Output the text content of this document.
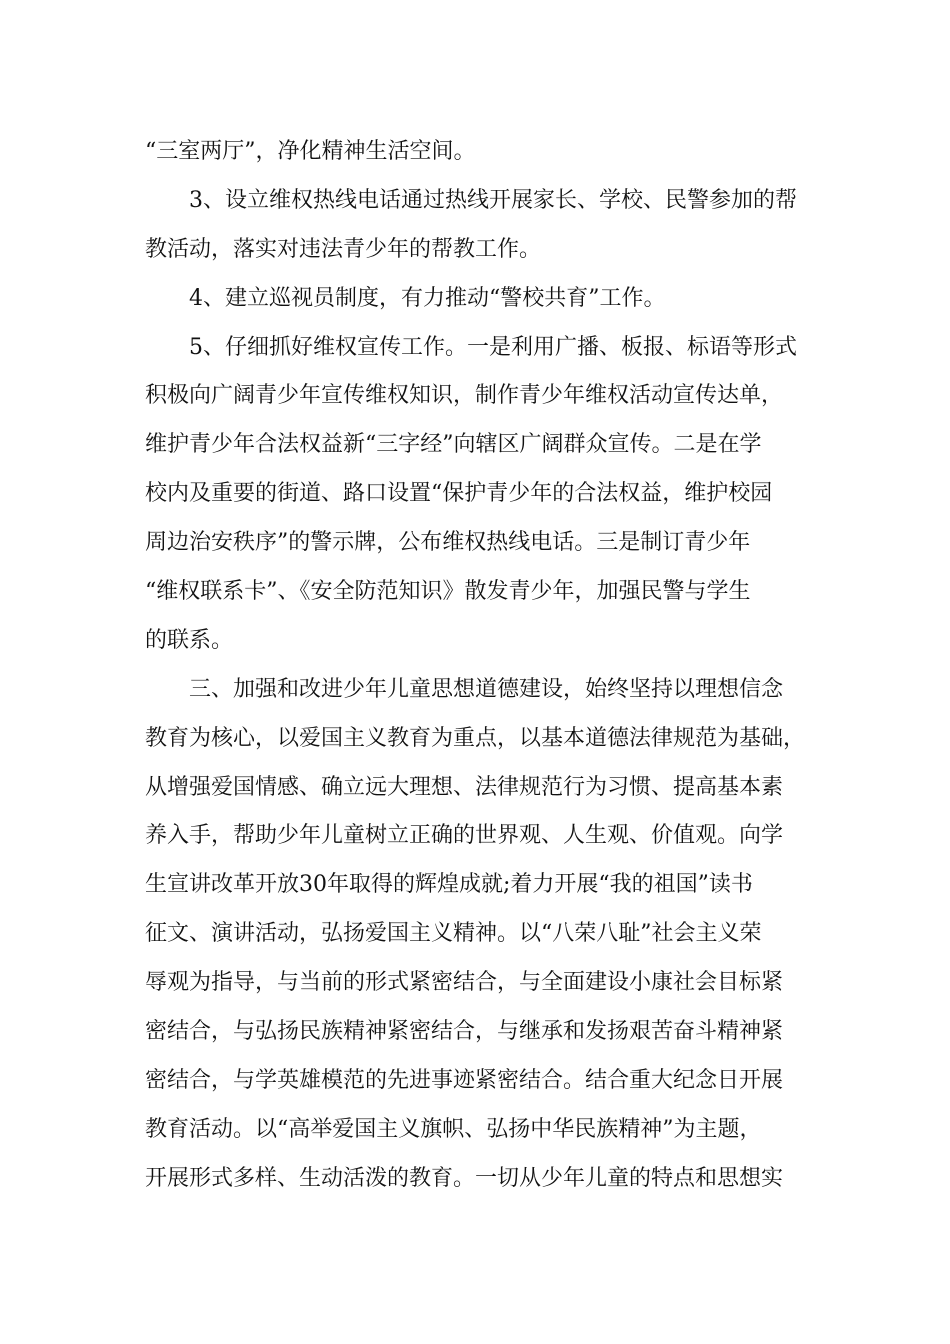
“三室两厅”，净化精神生活空间。
3、设立维权热线电话通过热线开展家长、学校、民警参加的帮
教活动，落实对违法青少年的帮教工作。
4、建立巡视员制度，有力推动“警校共育”工作。
5、仔细抓好维权宣传工作。一是利用广播、板报、标语等形式
积极向广阔青少年宣传维权知识，制作青少年维权活动宣传达单，
维护青少年合法权益新“三字经”向辖区广阔群众宣传。二是在学
校内及重要的街道、路口设置“保护青少年的合法权益，维护校园
周边治安秩序”的警示牌，公布维权热线电话。三是制订青少年
“维权联系卡”、《安全防范知识》散发青少年，加强民警与学生
的联系。
三、加强和改进少年儿童思想道德建设，始终坚持以理想信念
教育为核心，以爱国主义教育为重点，以基本道德法律规范为基础，
从增强爱国情感、确立远大理想、法律规范行为习惯、提高基本素
养入手，帮助少年儿童树立正确的世界观、人生观、价值观。向学
生宣讲改革开放30年取得的辉煌成就;着力开展“我的祖国”读书
征文、演讲活动，弘扬爱国主义精神。以“八荣八耻”社会主义荣
辱观为指导，与当前的形式紧密结合，与全面建设小康社会目标紧
密结合，与弘扬民族精神紧密结合，与继承和发扬艰苦奋斗精神紧
密结合，与学英雄模范的先进事迹紧密结合。结合重大纪念日开展
教育活动。以“高举爱国主义旗帜、弘扬中华民族精神”为主题，
开展形式多样、生动活泼的教育。一切从少年儿童的特点和思想实
